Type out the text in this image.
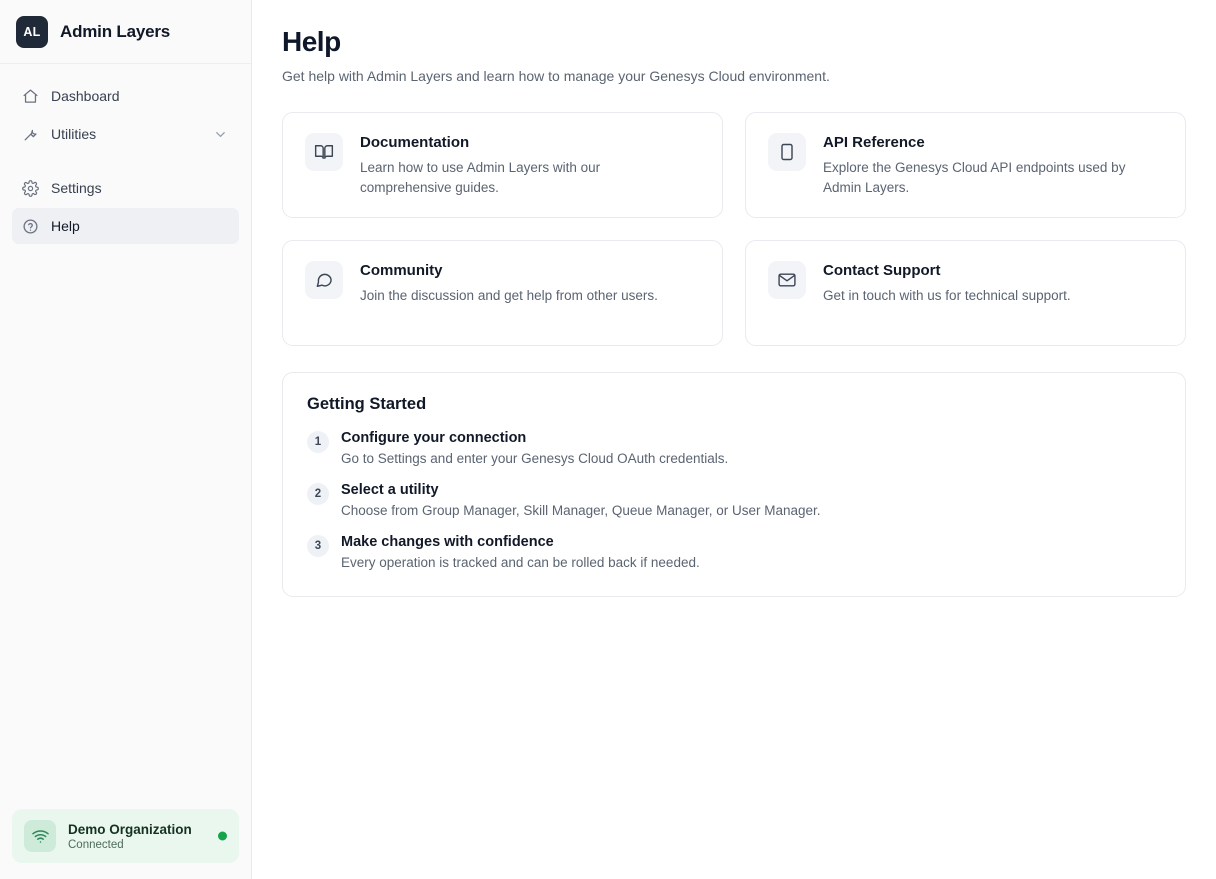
AL	Admin Layers
Dashboard
Utilities
Settings
Help
Demo Organization
Connected
Help

Get help with Admin Layers and learn how to manage your Genesys Cloud environment.

Documentation
Learn how to use Admin Layers with our comprehensive guides.
API Reference
Explore the Genesys Cloud API endpoints used by Admin Layers.
Community
Join the discussion and get help from other users.
Contact Support
Get in touch with us for technical support.
Getting Started
1	Configure your connection
Go to Settings and enter your Genesys Cloud OAuth credentials.
2	Select a utility
Choose from Group Manager, Skill Manager, Queue Manager, or User Manager.
3	Make changes with confidence
Every operation is tracked and can be rolled back if needed.
